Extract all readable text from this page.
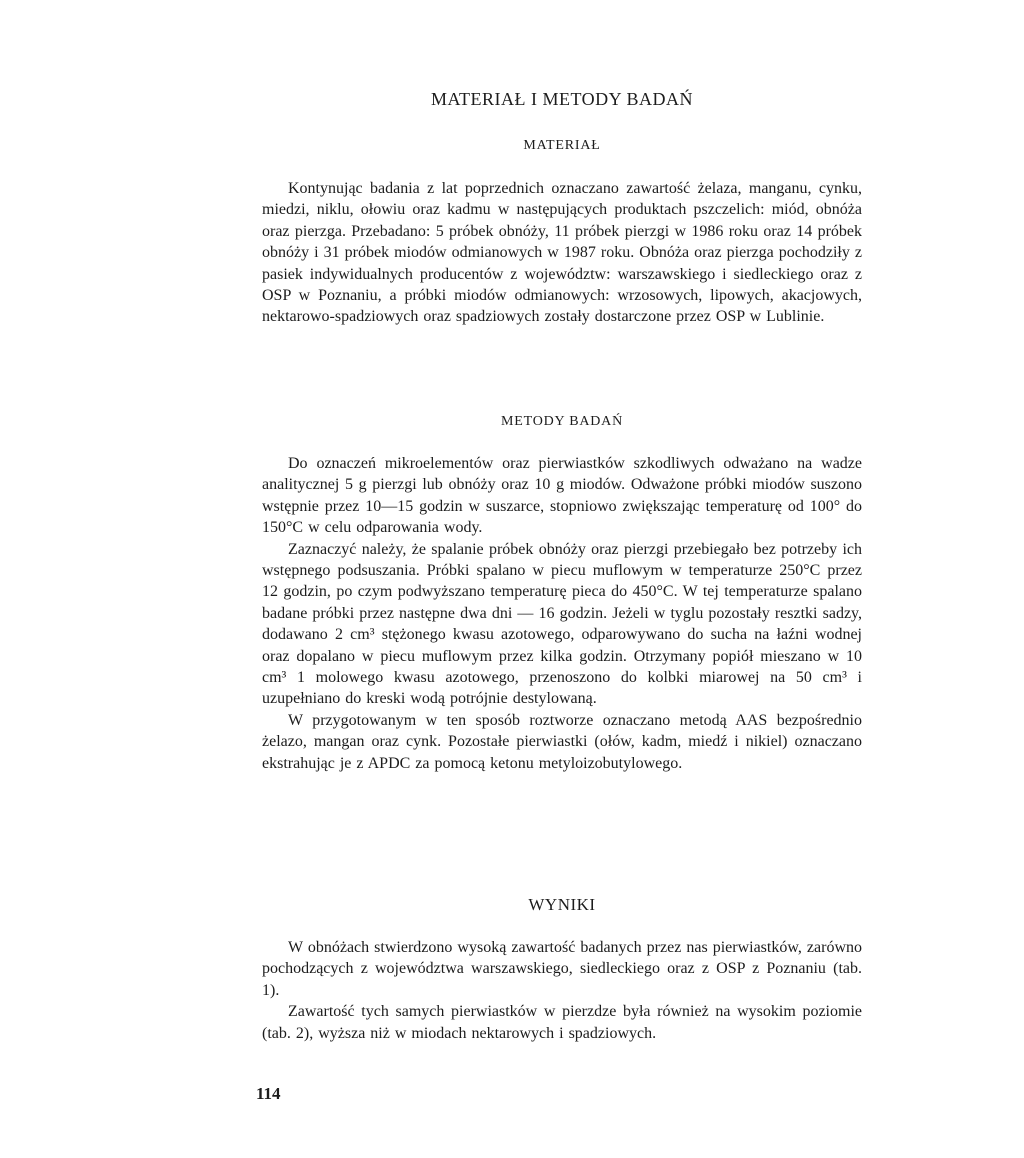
MATERIAŁ I METODY BADAŃ
MATERIAŁ

Kontynując badania z lat poprzednich oznaczano zawartość żelaza, manganu, cynku, miedzi, niklu, ołowiu oraz kadmu w następujących produktach pszczelich: miód, obnóża oraz pierzga. Przebadano: 5 próbek obnóży, 11 próbek pierzgi w 1986 roku oraz 14 próbek obnóży i 31 próbek miodów odmianowych w 1987 roku. Obnóża oraz pierzga pochodziły z pasiek indywidualnych producentów z województw: warszawskiego i siedleckiego oraz z OSP w Poznaniu, a próbki miodów odmianowych: wrzosowych, lipowych, akacjowych, nektarowo-spadziowych oraz spadziowych zostały dostarczone przez OSP w Lublinie.

METODY BADAŃ

Do oznaczeń mikroelementów oraz pierwiastków szkodliwych odważano na wadze analitycznej 5 g pierzgi lub obnóży oraz 10 g miodów. Odważone próbki miodów suszono wstępnie przez 10—15 godzin w suszarce, stopniowo zwiększając temperaturę od 100° do 150°C w celu odparowania wody.

Zaznaczyć należy, że spalanie próbek obnóży oraz pierzgi przebiegało bez potrzeby ich wstępnego podsuszania. Próbki spalano w piecu muflowym w temperaturze 250°C przez 12 godzin, po czym podwyższano temperaturę pieca do 450°C. W tej temperaturze spalano badane próbki przez następne dwa dni — 16 godzin. Jeżeli w tyglu pozostały resztki sadzy, dodawano 2 cm³ stężonego kwasu azotowego, odparowywano do sucha na łaźni wodnej oraz dopalano w piecu muflowym przez kilka godzin. Otrzymany popiół mieszano w 10 cm³ 1 molowego kwasu azotowego, przenoszono do kolbki miarowej na 50 cm³ i uzupełniano do kreski wodą potrójnie destylowaną.

W przygotowanym w ten sposób roztworze oznaczano metodą AAS bezpośrednio żelazo, mangan oraz cynk. Pozostałe pierwiastki (ołów, kadm, miedź i nikiel) oznaczano ekstrahując je z APDC za pomocą ketonu metyloizobutylowego.

WYNIKI

W obnóżach stwierdzono wysoką zawartość badanych przez nas pierwiastków, zarówno pochodzących z województwa warszawskiego, siedleckiego oraz z OSP z Poznaniu (tab. 1).

Zawartość tych samych pierwiastków w pierzdze była również na wysokim poziomie (tab. 2), wyższa niż w miodach nektarowych i spadziowych.

114
